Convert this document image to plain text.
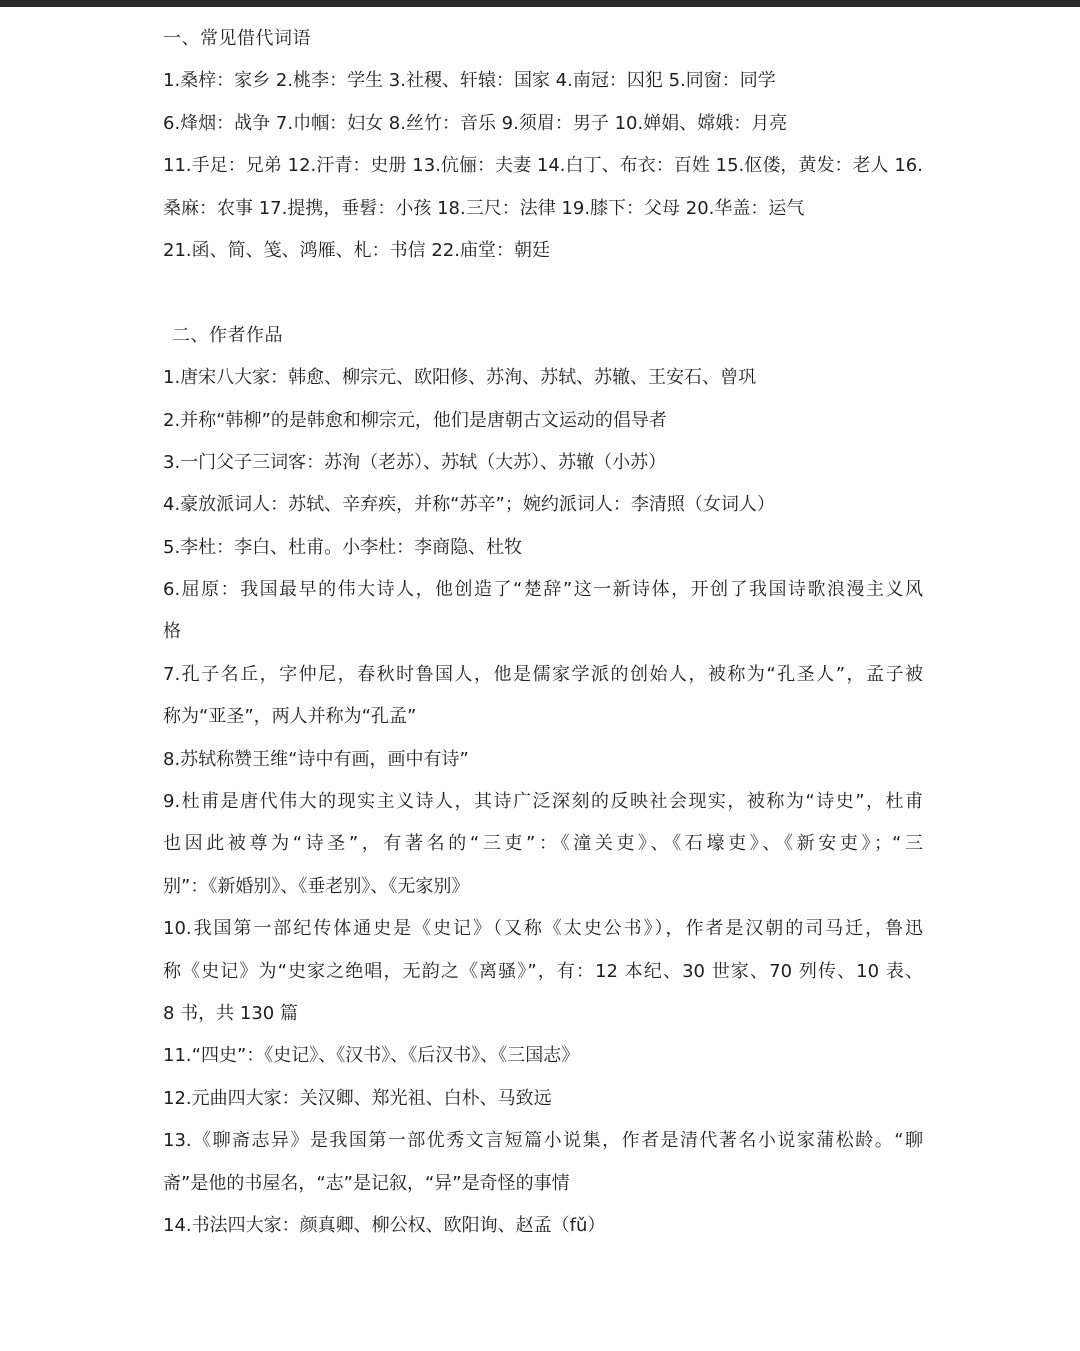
一、常见借代词语
1.桑梓：家乡 2.桃李：学生 3.社稷、轩辕：国家 4.南冠：囚犯 5.同窗：同学
6.烽烟：战争 7.巾帼：妇女 8.丝竹：音乐 9.须眉：男子 10.婵娟、嫦娥：月亮
11.手足：兄弟 12.汗青：史册 13.伉俪：夫妻 14.白丁、布衣：百姓 15.伛偻，黄发：老人 16.
桑麻：农事 17.提携，垂髫：小孩 18.三尺：法律 19.膝下：父母 20.华盖：运气
21.函、简、笺、鸿雁、札：书信 22.庙堂：朝廷
二、作者作品
1.唐宋八大家：韩愈、柳宗元、欧阳修、苏洵、苏轼、苏辙、王安石、曾巩
2.并称“韩柳”的是韩愈和柳宗元，他们是唐朝古文运动的倡导者
3.一门父子三词客：苏洵（老苏）、苏轼（大苏）、苏辙（小苏）
4.豪放派词人：苏轼、辛弃疾，并称“苏辛”；婉约派词人：李清照（女词人）
5.李杜：李白、杜甫。小李杜：李商隐、杜牧
6.屈原：我国最早的伟大诗人，他创造了“楚辞”这一新诗体，开创了我国诗歌浪漫主义风
格
7.孔子名丘，字仲尼，春秋时鲁国人，他是儒家学派的创始人，被称为“孔圣人”，孟子被
称为“亚圣”，两人并称为“孔孟”
8.苏轼称赞王维“诗中有画，画中有诗”
9.杜甫是唐代伟大的现实主义诗人，其诗广泛深刻的反映社会现实，被称为“诗史”，杜甫
也因此被尊为“诗圣”，有著名的“三吏”：《潼关吏》、《石壕吏》、《新安吏》；“三
别”：《新婚别》、《垂老别》、《无家别》
10.我国第一部纪传体通史是《史记》（又称《太史公书》），作者是汉朝的司马迁，鲁迅
称《史记》为“史家之绝唱，无韵之《离骚》”，有：12 本纪、30 世家、70 列传、10 表、
8 书，共 130 篇
11.“四史”：《史记》、《汉书》、《后汉书》、《三国志》
12.元曲四大家：关汉卿、郑光祖、白朴、马致远
13.《聊斋志异》是我国第一部优秀文言短篇小说集，作者是清代著名小说家蒲松龄。“聊
斋”是他的书屋名，“志”是记叙，“异”是奇怪的事情
14.书法四大家：颜真卿、柳公权、欧阳询、赵孟（fǔ）
